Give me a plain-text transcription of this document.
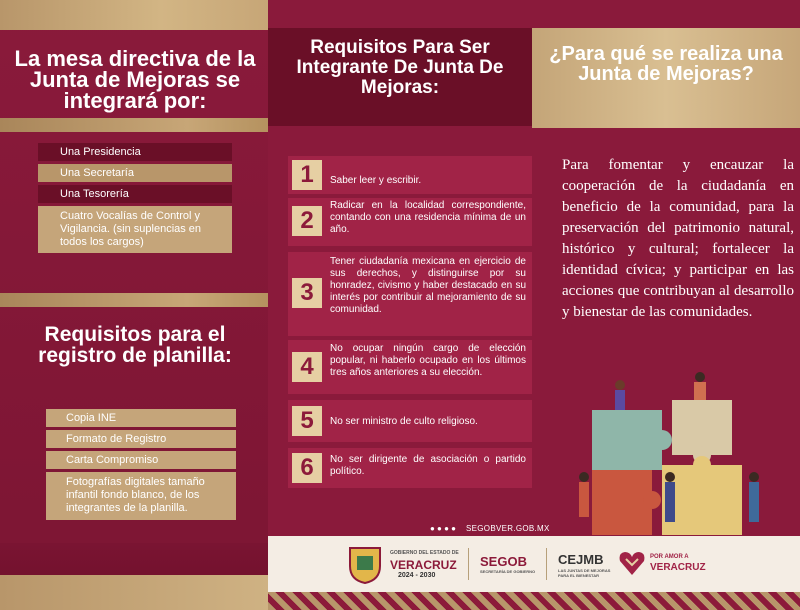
La mesa directiva de la Junta de Mejoras se integrará por:
Una Presidencia
Una Secretaría
Una Tesorería
Cuatro Vocalías de Control y Vigilancia. (sin suplencias en todos los cargos)
Requisitos para el registro de planilla:
Copia INE
Formato de Registro
Carta Compromiso
Fotografías digitales tamaño infantil fondo blanco, de los integrantes de la planilla.
Requisitos Para Ser Integrante De Junta De Mejoras:
1	Saber leer y escribir.
2
Radicar en la localidad correspondiente, contando con una residencia mínima de un año.
3
Tener ciudadanía mexicana en ejercicio de sus derechos, y distinguirse por su honradez, civismo y haber destacado en su interés por contribuir al mejoramiento de su comunidad.
4
No ocupar ningún cargo de elección popular, ni haberlo ocupado en los últimos tres años anteriores a su elección.
5	No ser ministro de culto religioso.
6	No ser dirigente de asociación o partido político.
¿Para qué se realiza una Junta de Mejoras?
Para fomentar y encauzar la cooperación de la ciudadanía en beneficio de la comunidad, para la preservación del patrimonio natural, histórico y cultural; fortalecer la identidad cívica; y participar en las acciones que contribuyan al desarrollo y bienestar de las comunidades.
● ● ● ● SEGOBVER.GOB.MX
GOBIERNO DEL ESTADO DE
VERACRUZ
2024 - 2030
SEGOB
SECRETARÍA DE GOBIERNO
CEJMB
LAS JUNTAS DE MEJORAS PARA EL BIENESTAR
POR AMOR A
VERACRUZ
